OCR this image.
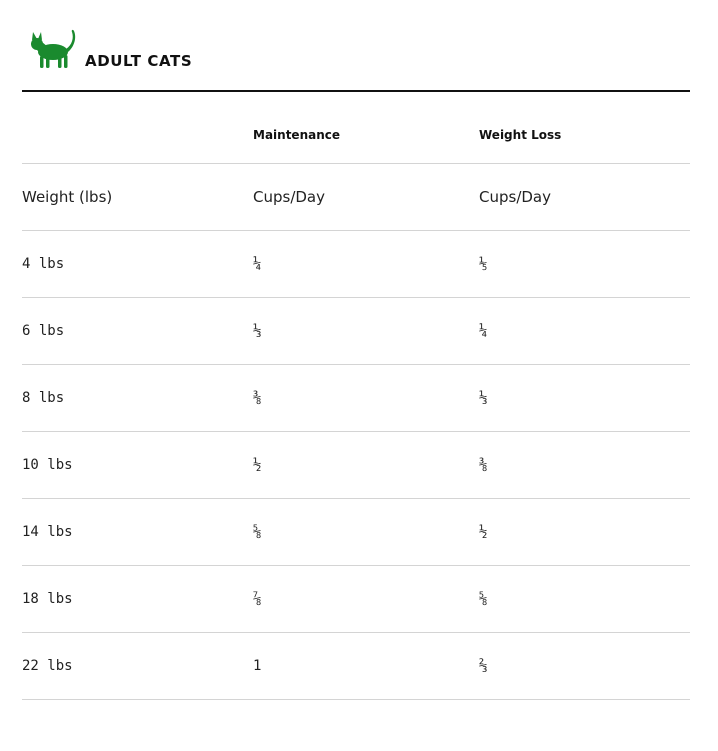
ADULT CATS
	Maintenance	Weight Loss
Weight (lbs)	Cups/Day	Cups/Day
4 lbs	¼	⅕
6 lbs	⅓	¼
8 lbs	⅜	⅓
10 lbs	½	⅜
14 lbs	⅝	½
18 lbs	⅞	⅝
22 lbs	1	⅔
